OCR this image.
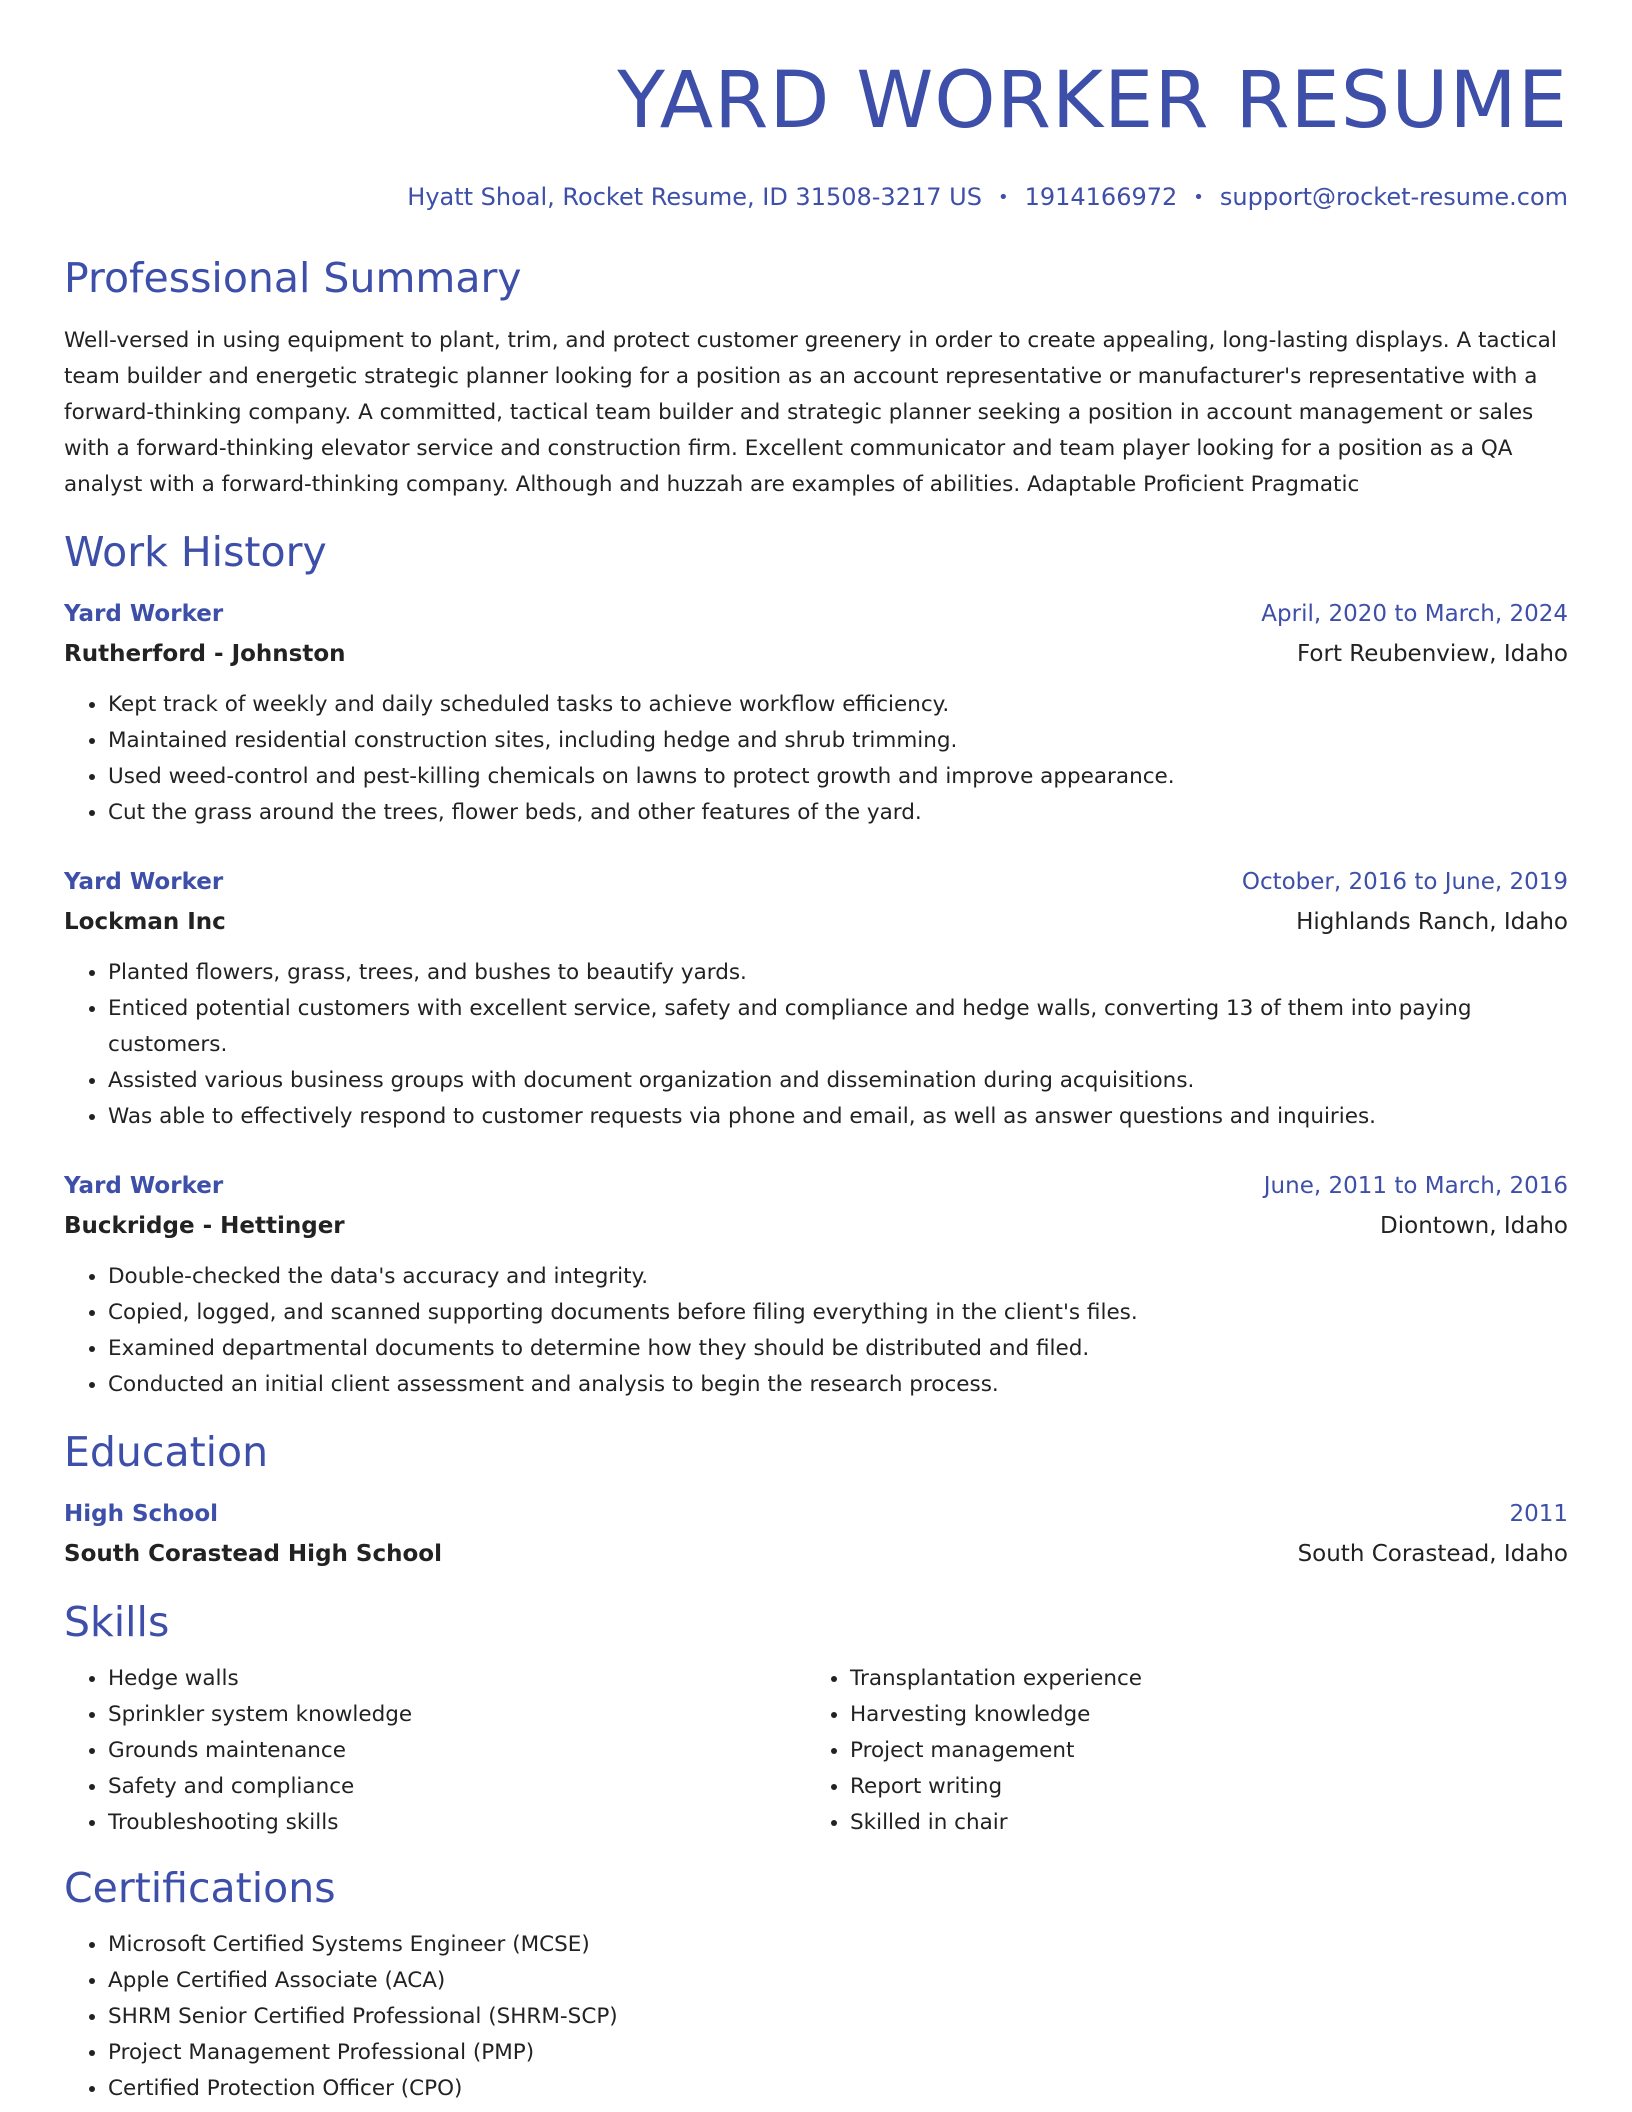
YARD WORKER RESUME
Hyatt Shoal, Rocket Resume, ID 31508-3217 US • 1914166972 • support@rocket-resume.com
Professional Summary
Well-versed in using equipment to plant, trim, and protect customer greenery in order to create appealing, long-lasting displays. A tactical team builder and energetic strategic planner looking for a position as an account representative or manufacturer's representative with a forward-thinking company. A committed, tactical team builder and strategic planner seeking a position in account management or sales with a forward-thinking elevator service and construction firm. Excellent communicator and team player looking for a position as a QA analyst with a forward-thinking company. Although and huzzah are examples of abilities. Adaptable Proficient Pragmatic
Work History
Yard Worker	April, 2020 to March, 2024
Rutherford - Johnston	Fort Reubenview, Idaho
• Kept track of weekly and daily scheduled tasks to achieve workflow efficiency.
• Maintained residential construction sites, including hedge and shrub trimming.
• Used weed-control and pest-killing chemicals on lawns to protect growth and improve appearance.
• Cut the grass around the trees, flower beds, and other features of the yard.
Yard Worker	October, 2016 to June, 2019
Lockman Inc	Highlands Ranch, Idaho
• Planted flowers, grass, trees, and bushes to beautify yards.
• Enticed potential customers with excellent service, safety and compliance and hedge walls, converting 13 of them into paying customers.
• Assisted various business groups with document organization and dissemination during acquisitions.
• Was able to effectively respond to customer requests via phone and email, as well as answer questions and inquiries.
Yard Worker	June, 2011 to March, 2016
Buckridge - Hettinger	Diontown, Idaho
• Double-checked the data's accuracy and integrity.
• Copied, logged, and scanned supporting documents before filing everything in the client's files.
• Examined departmental documents to determine how they should be distributed and filed.
• Conducted an initial client assessment and analysis to begin the research process.
Education
High School	2011
South Corastead High School	South Corastead, Idaho
Skills
• Hedge walls
• Sprinkler system knowledge
• Grounds maintenance
• Safety and compliance
• Troubleshooting skills
• Transplantation experience
• Harvesting knowledge
• Project management
• Report writing
• Skilled in chair
Certifications
• Microsoft Certified Systems Engineer (MCSE)
• Apple Certified Associate (ACA)
• SHRM Senior Certified Professional (SHRM-SCP)
• Project Management Professional (PMP)
• Certified Protection Officer (CPO)
